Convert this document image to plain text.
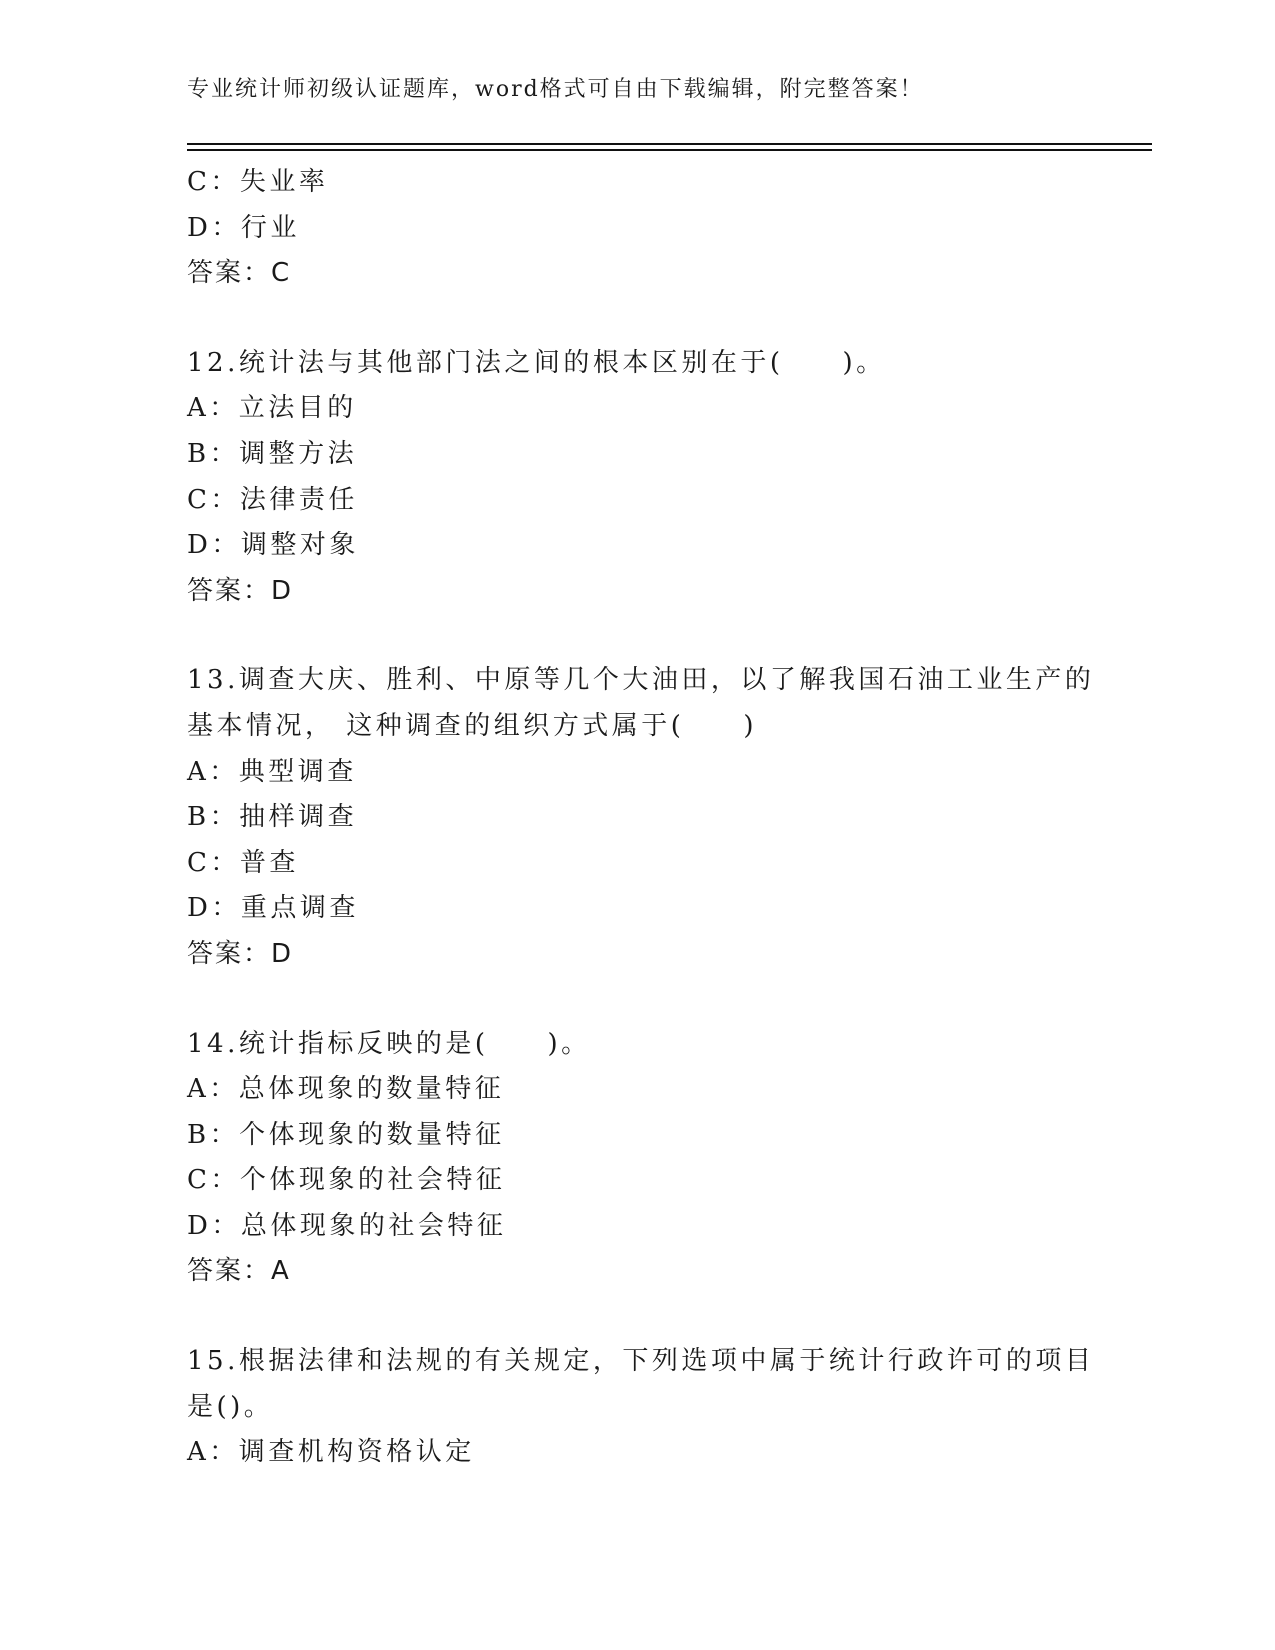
专业统计师初级认证题库，word格式可自由下载编辑，附完整答案！
C：失业率
D：行业
答案：C
12.统计法与其他部门法之间的根本区别在于(　　)。
A：立法目的
B：调整方法
C：法律责任
D：调整对象
答案：D
13.调查大庆、胜利、中原等几个大油田，以了解我国石油工业生产的
基本情况， 这种调查的组织方式属于(　　)
A：典型调查
B：抽样调查
C：普查
D：重点调查
答案：D
14.统计指标反映的是(　　)。
A：总体现象的数量特征
B：个体现象的数量特征
C：个体现象的社会特征
D：总体现象的社会特征
答案：A
15.根据法律和法规的有关规定，下列选项中属于统计行政许可的项目
是()。
A：调查机构资格认定
